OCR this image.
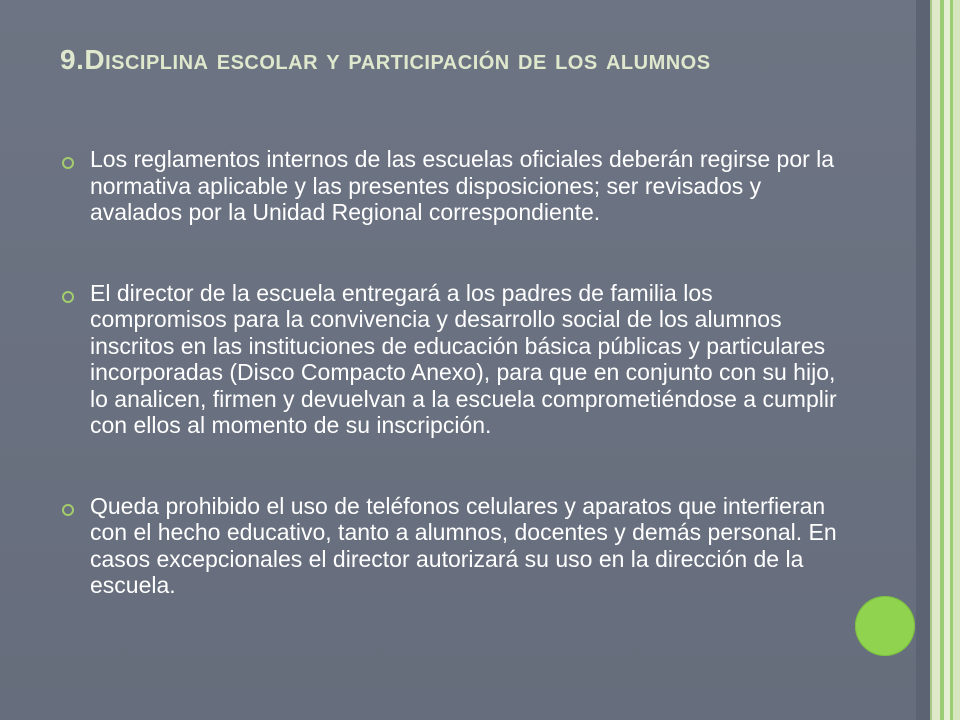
9.Disciplina escolar y participación de los alumnos
Los reglamentos internos de las escuelas oficiales deberán regirse por la normativa aplicable y las presentes disposiciones; ser revisados y avalados por la Unidad Regional correspondiente.
El director de la escuela entregará a los padres de familia los compromisos para la convivencia y desarrollo social de los alumnos inscritos en las instituciones de educación básica públicas y particulares incorporadas (Disco Compacto Anexo), para que en conjunto con su hijo, lo analicen, firmen y devuelvan a la escuela comprometiéndose a cumplir con ellos al momento de su inscripción.
Queda prohibido el uso de teléfonos celulares y aparatos que interfieran con el hecho educativo, tanto a alumnos, docentes y demás personal. En casos excepcionales el director autorizará su uso en la dirección de la escuela.
